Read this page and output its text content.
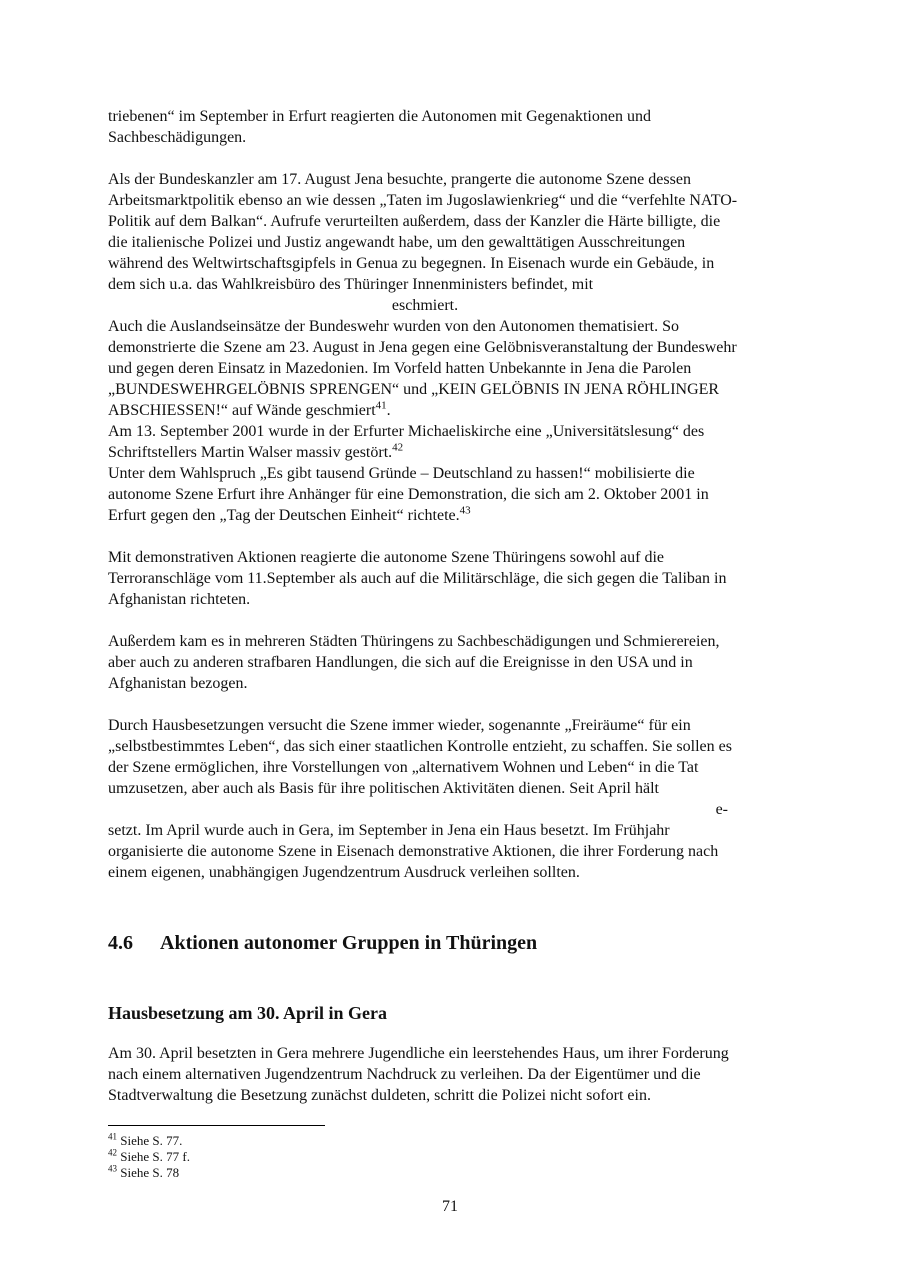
triebenen“ im September in Erfurt reagierten die Autonomen mit Gegenaktionen und Sachbeschädigungen.

Als der Bundeskanzler am 17. August Jena besuchte, prangerte die autonome Szene dessen Arbeitsmarktpolitik ebenso an wie dessen „Taten im Jugoslawienkrieg“ und die “verfehlte NATO-Politik auf dem Balkan“. Aufrufe verurteilten außerdem, dass der Kanzler die Härte billigte, die die italienische Polizei und Justiz angewandt habe, um den gewalttätigen Ausschreitungen während des Weltwirtschaftsgipfels in Genua zu begegnen. In Eisenach wurde ein Gebäude, in dem sich u.a. das Wahlkreisbüro des Thüringer Innenministers befindet, mit

eschmiert.

Auch die Auslandseinsätze der Bundeswehr wurden von den Autonomen thematisiert. So demonstrierte die Szene am 23. August in Jena gegen eine Gelöbnisveranstaltung der Bundeswehr und gegen deren Einsatz in Mazedonien. Im Vorfeld hatten Unbekannte in Jena die Parolen „BUNDESWEHRGELÖBNIS SPRENGEN“ und „KEIN GELÖBNIS IN JENA RÖHLINGER ABSCHIESSEN!“ auf Wände geschmiert$^{41}$.

Am 13. September 2001 wurde in der Erfurter Michaeliskirche eine „Universitätslesung“ des Schriftstellers Martin Walser massiv gestört.$^{42}$

Unter dem Wahlspruch „Es gibt tausend Gründe – Deutschland zu hassen!“ mobilisierte die autonome Szene Erfurt ihre Anhänger für eine Demonstration, die sich am 2. Oktober 2001 in Erfurt gegen den „Tag der Deutschen Einheit“ richtete.$^{43}$

Mit demonstrativen Aktionen reagierte die autonome Szene Thüringens sowohl auf die Terroranschläge vom 11.September als auch auf die Militärschläge, die sich gegen die Taliban in Afghanistan richteten.

Außerdem kam es in mehreren Städten Thüringens zu Sachbeschädigungen und Schmierereien, aber auch zu anderen strafbaren Handlungen, die sich auf die Ereignisse in den USA und in Afghanistan bezogen.

Durch Hausbesetzungen versucht die Szene immer wieder, sogenannte „Freiräume“ für ein „selbstbestimmtes Leben“, das sich einer staatlichen Kontrolle entzieht, zu schaffen. Sie sollen es der Szene ermöglichen, ihre Vorstellungen von „alternativem Wohnen und Leben“ in die Tat umzusetzen, aber auch als Basis für ihre politischen Aktivitäten dienen. Seit April hält

e-

setzt. Im April wurde auch in Gera, im September in Jena ein Haus besetzt. Im Frühjahr organisierte die autonome Szene in Eisenach demonstrative Aktionen, die ihrer Forderung nach einem eigenen, unabhängigen Jugendzentrum Ausdruck verleihen sollten.

4.6	Aktionen autonomer Gruppen in Thüringen
Hausbesetzung am 30. April in Gera

Am 30. April besetzten in Gera mehrere Jugendliche ein leerstehendes Haus, um ihrer Forderung nach einem alternativen Jugendzentrum Nachdruck zu verleihen. Da der Eigentümer und die Stadtverwaltung die Besetzung zunächst duldeten, schritt die Polizei nicht sofort ein.

$^{41}$ Siehe S. 77.
$^{42}$ Siehe S. 77 f.
$^{43}$ Siehe S. 78
71
